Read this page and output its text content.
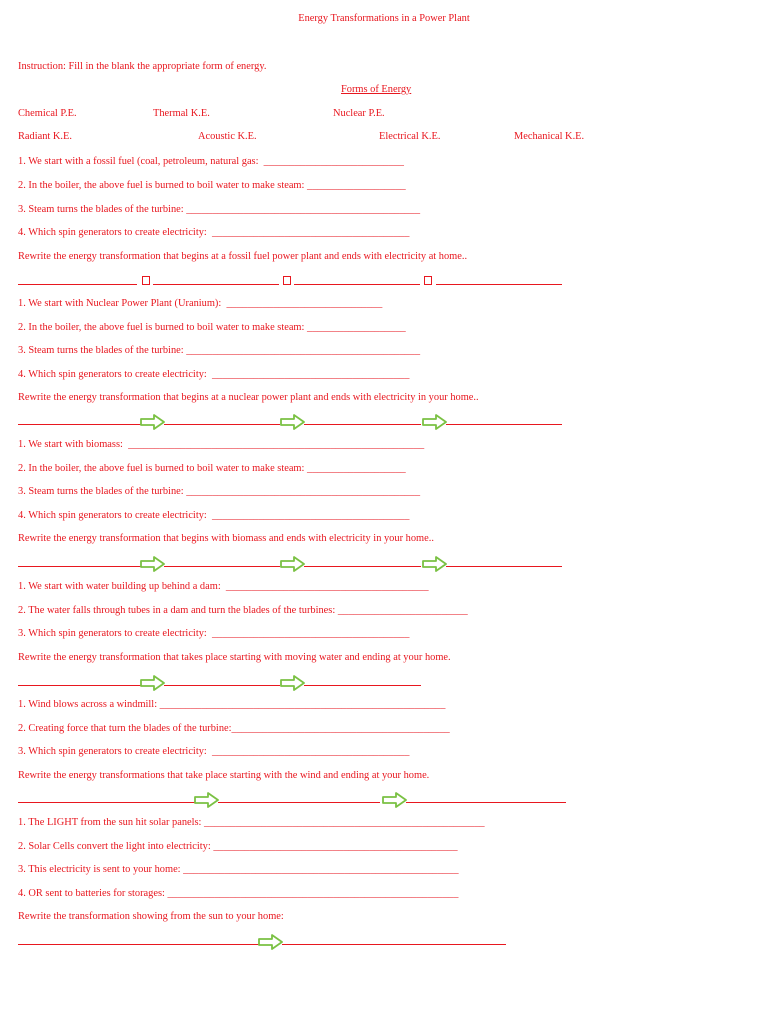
Energy Transformations in a Power Plant
Instruction: Fill in the blank the appropriate form of energy.
Forms of Energy
Chemical P.E.	Thermal K.E.	Nuclear P.E.
Radiant K.E.	Acoustic K.E.	Electrical K.E.	Mechanical K.E.
1. We start with a fossil fuel (coal, petroleum, natural gas:  ___________________________
2. In the boiler, the above fuel is burned to boil water to make steam: ___________________
3. Steam turns the blades of the turbine: _____________________________________________
4. Which spin generators to create electricity:  ______________________________________
Rewrite the energy transformation that begins at a fossil fuel power plant and ends with electricity at home..
1. We start with Nuclear Power Plant (Uranium):  ______________________________
2. In the boiler, the above fuel is burned to boil water to make steam: ___________________
3. Steam turns the blades of the turbine: _____________________________________________
4. Which spin generators to create electricity:  ______________________________________
Rewrite the energy transformation that begins at a nuclear power plant and ends with electricity in your home..
1. We start with biomass:  _________________________________________________________
2. In the boiler, the above fuel is burned to boil water to make steam: ___________________
3. Steam turns the blades of the turbine: _____________________________________________
4. Which spin generators to create electricity:  ______________________________________
Rewrite the energy transformation that begins with biomass and ends with electricity in your home..
1. We start with water building up behind a dam:  _______________________________________
2. The water falls through tubes in a dam and turn the blades of the turbines: _________________________
3. Which spin generators to create electricity:  ______________________________________
Rewrite the energy transformation that takes place starting with moving water and ending at your home.
1. Wind blows across a windmill: _______________________________________________________
2. Creating force that turn the blades of the turbine:__________________________________________
3. Which spin generators to create electricity:  ______________________________________
Rewrite the energy transformations that take place starting with the wind and ending at your home.
1. The LIGHT from the sun hit solar panels: ______________________________________________________
2. Solar Cells convert the light into electricity: _______________________________________________
3. This electricity is sent to your home: _____________________________________________________
4. OR sent to batteries for storages: ________________________________________________________
Rewrite the transformation showing from the sun to your home:
